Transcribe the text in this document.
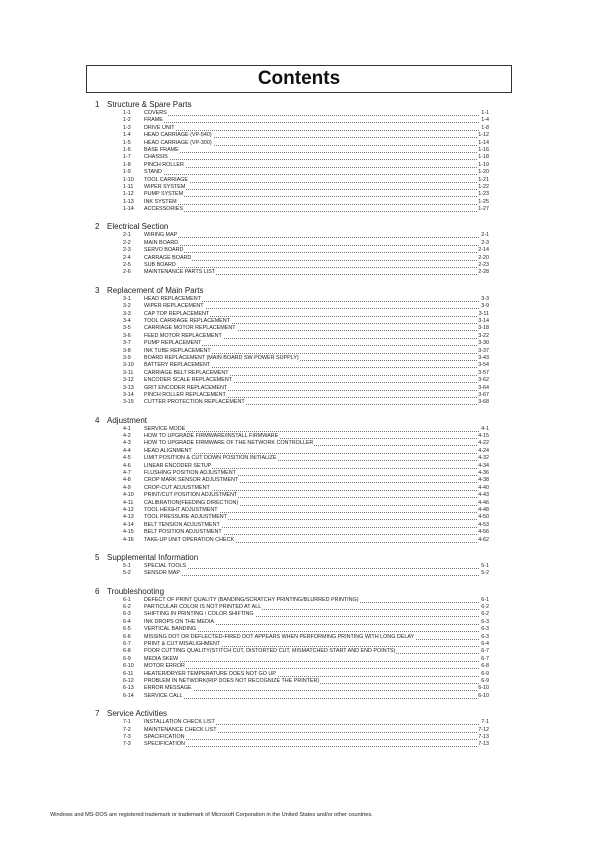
Contents
1 Structure & Spare Parts
1-1 COVERS	1-1
1-2 FRAME	1-4
1-3 DRIVE UNIT	1-8
1-4 HEAD CARRIAGE (VP-540)	1-12
1-5 HEAD CARRIAGE (VP-300)	1-14
1-6 BASE FRAME	1-16
1-7 CHASSIS	1-18
1-8 PINCH ROLLER	1-19
1-9 STAND	1-20
1-10 TOOL CARRIAGE	1-21
1-11 WIPER SYSTEM	1-22
1-12 PUMP SYSTEM	1-23
1-13 INK SYSTEM	1-25
1-14 ACCESSORIES	1-27
2 Electrical Section
2-1 WIRING MAP	2-1
2-2 MAIN BOARD	2-3
2-3 SERVO BOARD	2-14
2-4 CARRAGE BOARD	2-20
2-5 SUB BOARD	2-23
2-6 MAINTENANCE PARTS LIST	2-28
3 Replacement of Main Parts
3-1 HEAD REPLACEMENT	3-3
3-2 WIPER REPLACEMENT	3-9
3-3 CAP TOP REPLACEMENT	3-11
3-4 TOOL CARRIAGE REPLACEMENT	3-14
3-5 CARRIAGE MOTOR REPLACEMENT	3-18
3-6 FEED MOTOR REPLACEMENT	3-22
3-7 PUMP REPLACEMENT	3-30
3-8 INK TUBE REPLACEMENT	3-37
3-9 BOARD REPLACEMENT (MAIN BOARD SW POWER SUPPLY)	3-43
3-10 BATTERY REPLACEMENT	3-54
3-11 CARRIAGE BELT REPLACEMENT	3-57
3-12 ENCODER SCALE REPLACEMENT	3-62
3-13 GRIT ENCODER REPLACEMENT	3-64
3-14 PINCH ROLLER REPLACEMENT	3-67
3-15 CUTTER PROTECTION REPLACEMENT	3-68
4 Adjustment
4-1 SERVICE MODE	4-1
4-2 HOW TO UPGRADE FIRMWARE/INSTALL FIRMWARE	4-15
4-3 HOW TO UPGRADE FIRMWARE OF THE NETWORK CONTROLLER	4-22
4-4 HEAD ALIGNMENT	4-24
4-5 LIMIT POSITION & CUT DOWN POSITION INITIALIZE	4-32
4-6 LINEAR ENCODER SETUP	4-34
4-7 FLUSHING POSITION ADJUSTMENT	4-36
4-8 CROP MARK SENSOR ADJUSTMENT	4-38
4-9 CROP-CUT ADJUSTMENT	4-40
4-10 PRINT/CUT POSITION ADJUSTMENT	4-43
4-11 CALIBRATION(FEEDING DIRECTION)	4-46
4-12 TOOL HEIGHT ADJUSTMENT	4-48
4-13 TOOL PRESSURE ADJUSTMENT	4-50
4-14 BELT TENSION ADJUSTMENT	4-53
4-15 BELT POSITION ADJUSTMENT	4-56
4-16 TAKE-UP UNIT OPERATION CHECK	4-62
5 Supplemental Information
5-1 SPECIAL TOOLS	5-1
5-2 SENSOR MAP	5-2
6 Troubleshooting
6-1 DEFECT OF PRINT QUALITY (BANDING/SCRATCHY PRINTING/BLURRED PRINTING)	6-1
6-2 PARTICULAR COLOR IS NOT PRINTED AT ALL	6-2
6-3 SHIFTING IN PRINTING / COLOR SHIFTING	6-2
6-4 INK DROPS ON THE MEDIA	6-3
6-5 VERTICAL BANDING	6-3
6-6 MISSING DOT OR DEFLECTED-FIRED DOT APPEARS WHEN PERFORMING PRINTING WITH LONG DELAY	6-3
6-7 PRINT & CUT MISALIGHMENT	6-4
6-8 POOR CUTTING QUALITY(STITCH CUT, DISTORTED CUT, MISMATCHED START AND END POINTS)	6-7
6-9 MEDIA SKEW	6-7
6-10 MOTOR ERROR	6-8
6-11 HEATER/DRYER TEMPERATURE DOES NOT GO UP	6-9
6-12 PROBLEM IN NETWORK(RIP DOES NOT RECOGNIZE THE PRINTER)	6-9
6-13 ERROR MESSAGE	6-10
6-14 SERVICE CALL	6-10
7 Service Activities
7-1 INSTALLATION CHECK LIST	7-1
7-2 MAINTENANCE CHECK LIST	7-12
7-3 SPACIFICATION	7-13
7-3 SPECIFICATION	7-13
Windows and MS-DOS are registered trademark or trademark of Microsoft Corporation in the United States and/or other countries.
